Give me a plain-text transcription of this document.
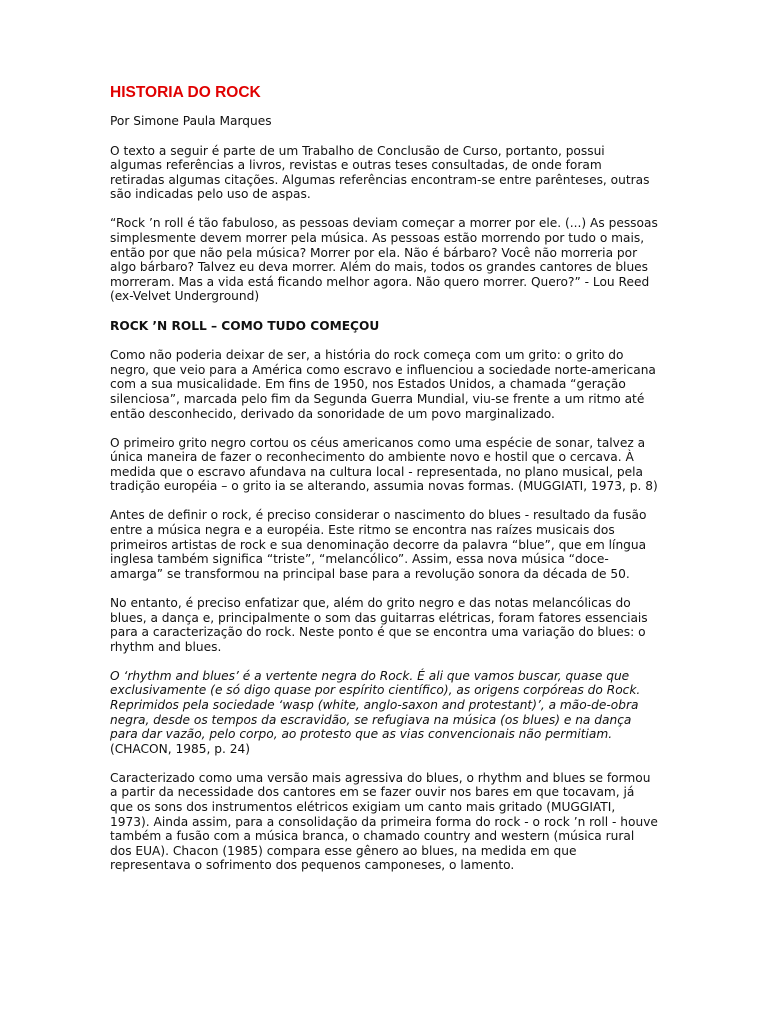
HISTORIA DO ROCK

Por Simone Paula Marques

O texto a seguir é parte de um Trabalho de Conclusão de Curso, portanto, possui algumas referências a livros, revistas e outras teses consultadas, de onde foram retiradas algumas citações. Algumas referências encontram-se entre parênteses, outras são indicadas pelo uso de aspas.

“Rock ’n roll é tão fabuloso, as pessoas deviam começar a morrer por ele. (...) As pessoas simplesmente devem morrer pela música. As pessoas estão morrendo por tudo o mais, então por que não pela música? Morrer por ela. Não é bárbaro? Você não morreria por algo bárbaro? Talvez eu deva morrer. Além do mais, todos os grandes cantores de blues morreram. Mas a vida está ficando melhor agora. Não quero morrer. Quero?” - Lou Reed (ex-Velvet Underground)

ROCK ’N ROLL – COMO TUDO COMEÇOU

Como não poderia deixar de ser, a história do rock começa com um grito: o grito do negro, que veio para a América como escravo e influenciou a sociedade norte-americana com a sua musicalidade. Em fins de 1950, nos Estados Unidos, a chamada “geração silenciosa”, marcada pelo fim da Segunda Guerra Mundial, viu-se frente a um ritmo até então desconhecido, derivado da sonoridade de um povo marginalizado.

O primeiro grito negro cortou os céus americanos como uma espécie de sonar, talvez a única maneira de fazer o reconhecimento do ambiente novo e hostil que o cercava. À medida que o escravo afundava na cultura local - representada, no plano musical, pela tradição européia – o grito ia se alterando, assumia novas formas. (MUGGIATI, 1973, p. 8)

Antes de definir o rock, é preciso considerar o nascimento do blues - resultado da fusão entre a música negra e a européia. Este ritmo se encontra nas raízes musicais dos primeiros artistas de rock e sua denominação decorre da palavra “blue”, que em língua inglesa também significa “triste”, “melancólico”. Assim, essa nova música “doce-amarga” se transformou na principal base para a revolução sonora da década de 50.

No entanto, é preciso enfatizar que, além do grito negro e das notas melancólicas do blues, a dança e, principalmente o som das guitarras elétricas, foram fatores essenciais para a caracterização do rock. Neste ponto é que se encontra uma variação do blues: o rhythm and blues.

O ‘rhythm and blues’ é a vertente negra do Rock. É ali que vamos buscar, quase que exclusivamente (e só digo quase por espírito científico), as origens corpóreas do Rock. Reprimidos pela sociedade ‘wasp (white, anglo-saxon and protestant)’, a mão-de-obra negra, desde os tempos da escravidão, se refugiava na música (os blues) e na dança para dar vazão, pelo corpo, ao protesto que as vias convencionais não permitiam. (CHACON, 1985, p. 24)

Caracterizado como uma versão mais agressiva do blues, o rhythm and blues se formou a partir da necessidade dos cantores em se fazer ouvir nos bares em que tocavam, já que os sons dos instrumentos elétricos exigiam um canto mais gritado (MUGGIATI, 1973). Ainda assim, para a consolidação da primeira forma do rock - o rock ’n roll - houve também a fusão com a música branca, o chamado country and western (música rural dos EUA). Chacon (1985) compara esse gênero ao blues, na medida em que representava o sofrimento dos pequenos camponeses, o lamento.
